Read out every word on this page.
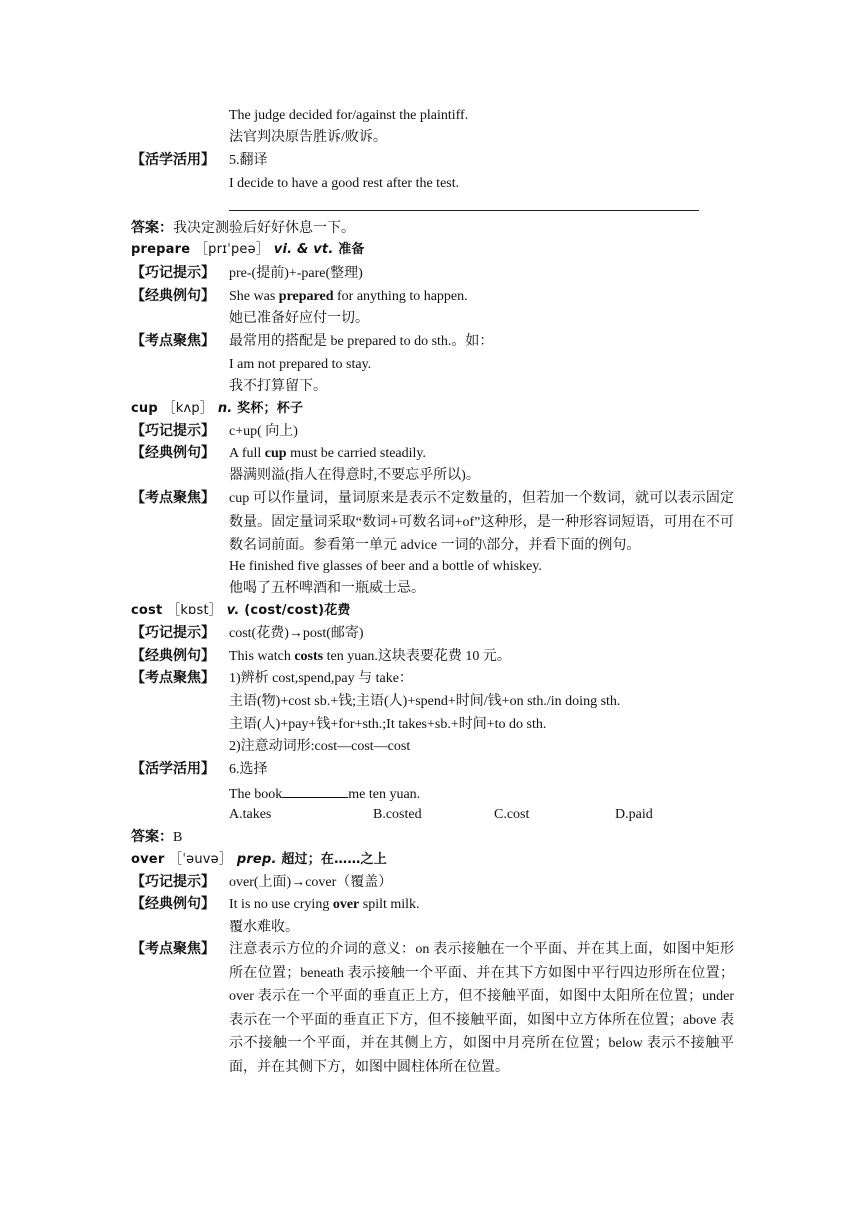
The judge decided for/against the plaintiff.
法官判决原告胜诉/败诉。
【活学活用】 5.翻译
I decide to have a good rest after the test.
答案：我决定测验后好好休息一下。
prepare ［prɪˈpeə］ vi. & vt. 准备
【巧记提示】 pre-(提前)+-pare(整理)
【经典例句】 She was prepared for anything to happen.
她已准备好应付一切。
【考点聚焦】 最常用的搭配是 be prepared to do sth.。如：
I am not prepared to stay.
我不打算留下。
cup ［kʌp］ n. 奖杯；杯子
【巧记提示】 c+up( 向上)
【经典例句】 A full cup must be carried steadily.
器满则溢(指人在得意时,不要忘乎所以)。
【考点聚焦】 cup 可以作量词，量词原来是表示不定数量的，但若加一个数词，就可以表示固定数量。固定量词采取“数词+可数名词+of”这种形，是一种形容词短语，可用在不可数名词前面。参看第一单元 advice 一词的\部分，并看下面的例句。
He finished five glasses of beer and a bottle of whiskey.
他喝了五杯啤酒和一瓶威士忌。
cost ［kɒst］ v. (cost/cost)花费
【巧记提示】 cost(花费)→post(邮寄)
【经典例句】 This watch costs ten yuan.这块表要花费 10 元。
【考点聚焦】 1)辨析 cost,spend,pay 与 take：
主语(物)+cost sb.+钱;主语(人)+spend+时间/钱+on sth./in doing sth.
主语(人)+pay+钱+for+sth.;It takes+sb.+时间+to do sth.
2)注意动词形:cost—cost—cost
【活学活用】 6.选择
The book	me ten yuan.
A.takes	B.costed	C.cost	D.paid
答案：B
over ［ˈəuvə］ prep. 超过；在……之上
【巧记提示】 over(上面)→cover（覆盖）
【经典例句】 It is no use crying over spilt milk.
覆水难收。
【考点聚焦】 注意表示方位的介词的意义：on 表示接触在一个平面、并在其上面，如图中矩形所在位置；beneath 表示接触一个平面、并在其下方如图中平行四边形所在位置；over 表示在一个平面的垂直正上方，但不接触平面，如图中太阳所在位置；under 表示在一个平面的垂直正下方，但不接触平面，如图中立方体所在位置；above 表示不接触一个平面，并在其侧上方，如图中月亮所在位置；below 表示不接触平面，并在其侧下方，如图中圆柱体所在位置。
